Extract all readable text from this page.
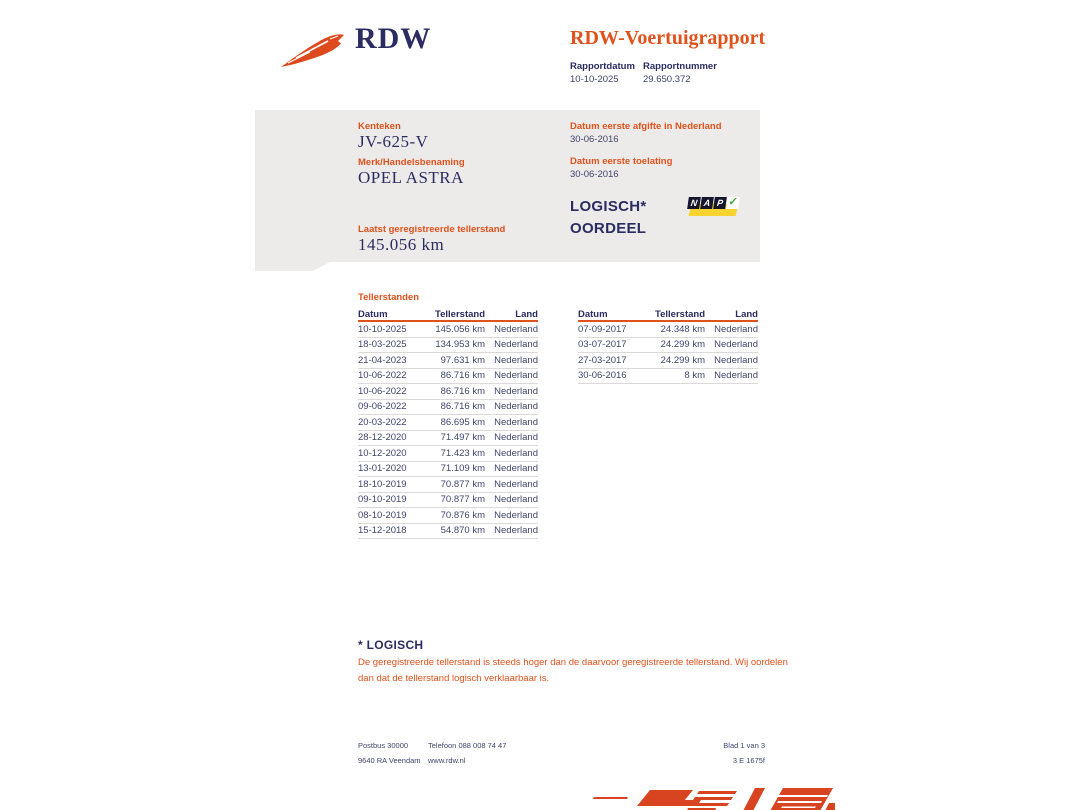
RDW	RDW-Voertuigrapport
Rapportdatum Rapportnummer
10-10-2025	29.650.372
Kenteken
JV-625-V
Merk/Handelsbenaming
OPEL ASTRA
Laatst geregistreerde tellerstand
145.056 km
Datum eerste afgifte in Nederland
30-06-2016
Datum eerste toelating
30-06-2016
LOGISCH*
OORDEEL
N A P ✓
Tellerstanden
Datum	Tellerstand	Land
10-10-2025	145.056 km Nederland
18-03-2025	134.953 km Nederland
21-04-2023	97.631 km Nederland
10-06-2022	86.716 km Nederland
10-06-2022	86.716 km Nederland
09-06-2022	86.716 km Nederland
20-03-2022	86.695 km Nederland
28-12-2020	71.497 km Nederland
10-12-2020	71.423 km Nederland
13-01-2020	71.109 km Nederland
18-10-2019	70.877 km Nederland
09-10-2019	70.877 km Nederland
08-10-2019	70.876 km Nederland
15-12-2018	54.870 km Nederland
Datum	Tellerstand	Land
07-09-2017	24.348 km Nederland
03-07-2017	24.299 km Nederland
27-03-2017	24.299 km Nederland
30-06-2016	8 km Nederland
* LOGISCH
De geregistreerde tellerstand is steeds hoger dan de daarvoor geregistreerde tellerstand. Wij oordelen dan dat de tellerstand logisch verklaarbaar is.
Postbus 30000
9640 RA Veendam
Telefoon 088 008 74 47
www.rdw.nl
Blad 1 van 3
3 E 1675f
